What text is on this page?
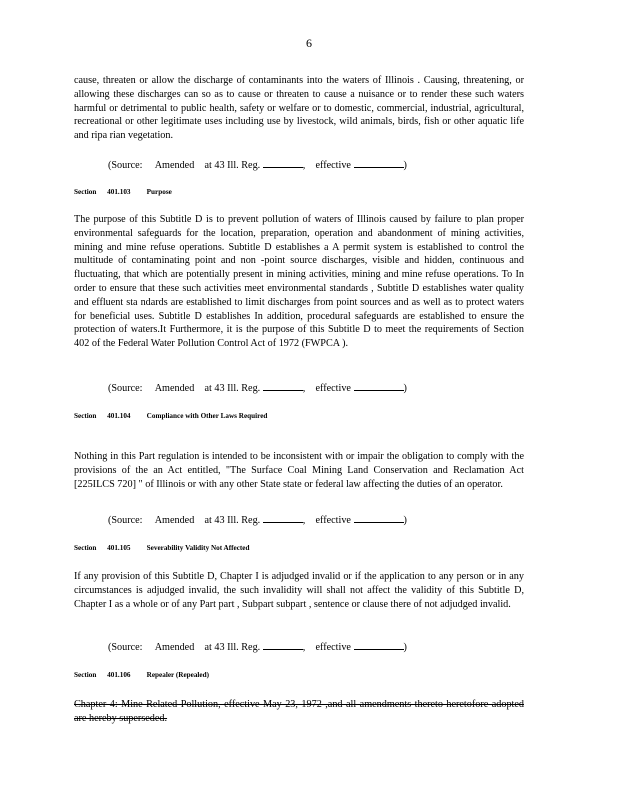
6
cause, threaten or allow the discharge of contaminants into the waters of Illinois . Causing, threatening, or allowing these discharges can so as to cause or threaten to cause a nuisance or to render these such waters harmful or detrimental to public health, safety or welfare or to domestic, commercial, industrial, agricultural, recreational or other legitimate uses including use by livestock, wild animals, birds, fish or other aquatic life and ripa rian vegetation.
(Source: Amended at 43 Ill. Reg.	, effective	)
Section 401.103 Purpose
The purpose of this Subtitle D is to prevent pollution of waters of Illinois caused by failure to plan proper environmental safeguards for the location, preparation, operation and abandonment of mining activities, mining and mine refuse operations. Subtitle D establishes a A permit system is established to control the multitude of contaminating point and non -point source discharges, visible and hidden, continuous and fluctuating, that which are potentially present in mining activities, mining and mine refuse operations. To In order to ensure that these such activities meet environmental standards , Subtitle D establishes water quality and effluent sta ndards are established to limit discharges from point sources and as well as to protect waters for beneficial uses. Subtitle D establishes In addition, procedural safeguards are established to ensure the protection of waters.It Furthermore, it is the purpose of this Subtitle D to meet the requirements of Section 402 of the Federal Water Pollution Control Act of 1972 (FWPCA ).
(Source: Amended at 43 Ill. Reg.	, effective	)
Section 401.104 Compliance with Other Laws Required
Nothing in this Part regulation is intended to be inconsistent with or impair the obligation to comply with the provisions of the an Act entitled, "The Surface Coal Mining Land Conservation and Reclamation Act [225ILCS 720] " of Illinois or with any other State state or federal law affecting the duties of an operator.
(Source: Amended at 43 Ill. Reg.	, effective	)
Section 401.105 Severability Validity Not Affected
If any provision of this Subtitle D, Chapter I is adjudged invalid or if the application to any person or in any circumstances is adjudged invalid, the such invalidity will shall not affect the validity of this Subtitle D, Chapter I as a whole or of any Part part , Subpart subpart , sentence or clause there of not adjudged invalid.
(Source: Amended at 43 Ill. Reg.	, effective	)
Section 401.106 Repealer (Repealed)
Chapter 4: Mine Related Pollution, effective May 23, 1972 ,and all amendments thereto heretofore adopted are hereby superseded.
